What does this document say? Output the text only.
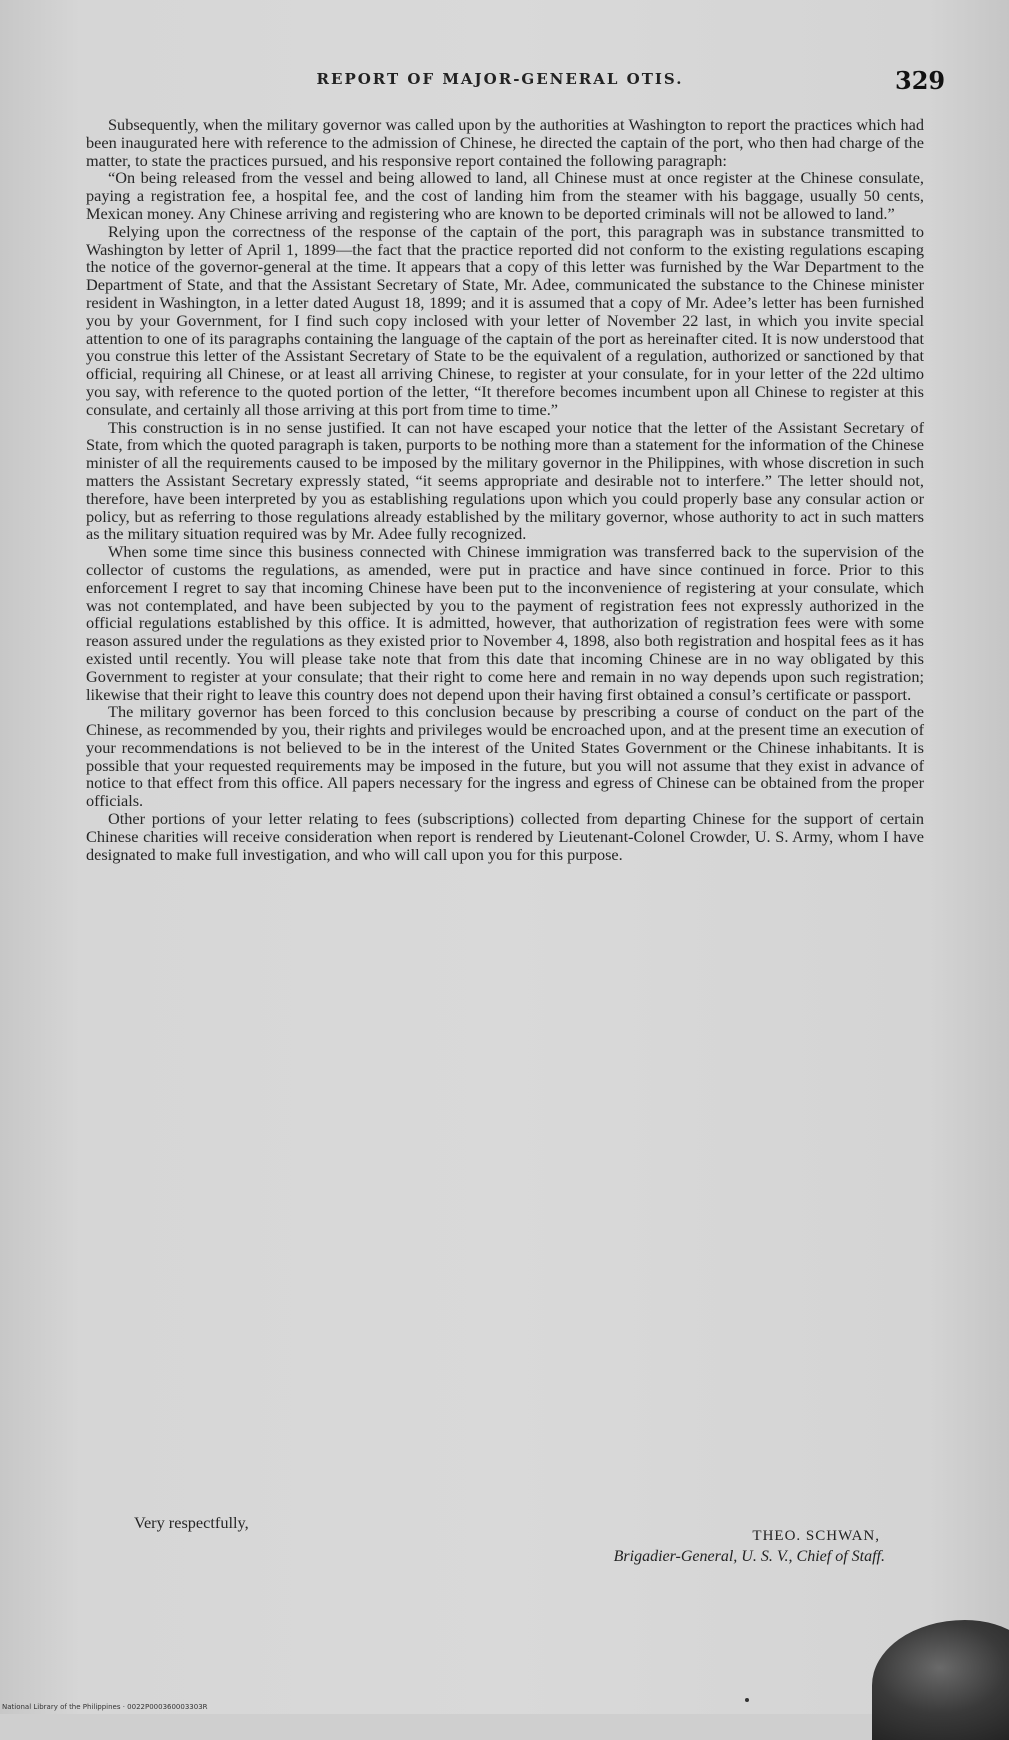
REPORT OF MAJOR-GENERAL OTIS.	329

Subsequently, when the military governor was called upon by the authorities at Washington to report the practices which had been inaugurated here with reference to the admission of Chinese, he directed the captain of the port, who then had charge of the matter, to state the practices pursued, and his responsive report contained the following paragraph:

“On being released from the vessel and being allowed to land, all Chinese must at once register at the Chinese consulate, paying a registration fee, a hospital fee, and the cost of landing him from the steamer with his baggage, usually 50 cents, Mexican money. Any Chinese arriving and registering who are known to be deported criminals will not be allowed to land.”

Relying upon the correctness of the response of the captain of the port, this paragraph was in substance transmitted to Washington by letter of April 1, 1899—the fact that the practice reported did not conform to the existing regulations escaping the notice of the governor-general at the time. It appears that a copy of this letter was furnished by the War Department to the Department of State, and that the Assistant Secretary of State, Mr. Adee, communicated the substance to the Chinese minister resident in Washington, in a letter dated August 18, 1899; and it is assumed that a copy of Mr. Adee’s letter has been furnished you by your Government, for I find such copy inclosed with your letter of November 22 last, in which you invite special attention to one of its paragraphs containing the language of the captain of the port as hereinafter cited. It is now understood that you construe this letter of the Assistant Secretary of State to be the equivalent of a regulation, authorized or sanctioned by that official, requiring all Chinese, or at least all arriving Chinese, to register at your consulate, for in your letter of the 22d ultimo you say, with reference to the quoted portion of the letter, “It therefore becomes incumbent upon all Chinese to register at this consulate, and certainly all those arriving at this port from time to time.”

This construction is in no sense justified. It can not have escaped your notice that the letter of the Assistant Secretary of State, from which the quoted paragraph is taken, purports to be nothing more than a statement for the information of the Chinese minister of all the requirements caused to be imposed by the military governor in the Philippines, with whose discretion in such matters the Assistant Secretary expressly stated, “it seems appropriate and desirable not to interfere.” The letter should not, therefore, have been interpreted by you as establishing regulations upon which you could properly base any consular action or policy, but as referring to those regulations already established by the military governor, whose authority to act in such matters as the military situation required was by Mr. Adee fully recognized.

When some time since this business connected with Chinese immigration was transferred back to the supervision of the collector of customs the regulations, as amended, were put in practice and have since continued in force. Prior to this enforcement I regret to say that incoming Chinese have been put to the inconvenience of registering at your consulate, which was not contemplated, and have been subjected by you to the payment of registration fees not expressly authorized in the official regulations established by this office. It is admitted, however, that authorization of registration fees were with some reason assured under the regulations as they existed prior to November 4, 1898, also both registration and hospital fees as it has existed until recently. You will please take note that from this date that incoming Chinese are in no way obligated by this Government to register at your consulate; that their right to come here and remain in no way depends upon such registration; likewise that their right to leave this country does not depend upon their having first obtained a consul’s certificate or passport.

The military governor has been forced to this conclusion because by prescribing a course of conduct on the part of the Chinese, as recommended by you, their rights and privileges would be encroached upon, and at the present time an execution of your recommendations is not believed to be in the interest of the United States Government or the Chinese inhabitants. It is possible that your requested requirements may be imposed in the future, but you will not assume that they exist in advance of notice to that effect from this office. All papers necessary for the ingress and egress of Chinese can be obtained from the proper officials.

Other portions of your letter relating to fees (subscriptions) collected from departing Chinese for the support of certain Chinese charities will receive consideration when report is rendered by Lieutenant-Colonel Crowder, U. S. Army, whom I have designated to make full investigation, and who will call upon you for this purpose.

Very respectfully,
THEO. SCHWAN,
Brigadier-General, U. S. V., Chief of Staff.
National Library of the Philippines · 0022P000360003303R
